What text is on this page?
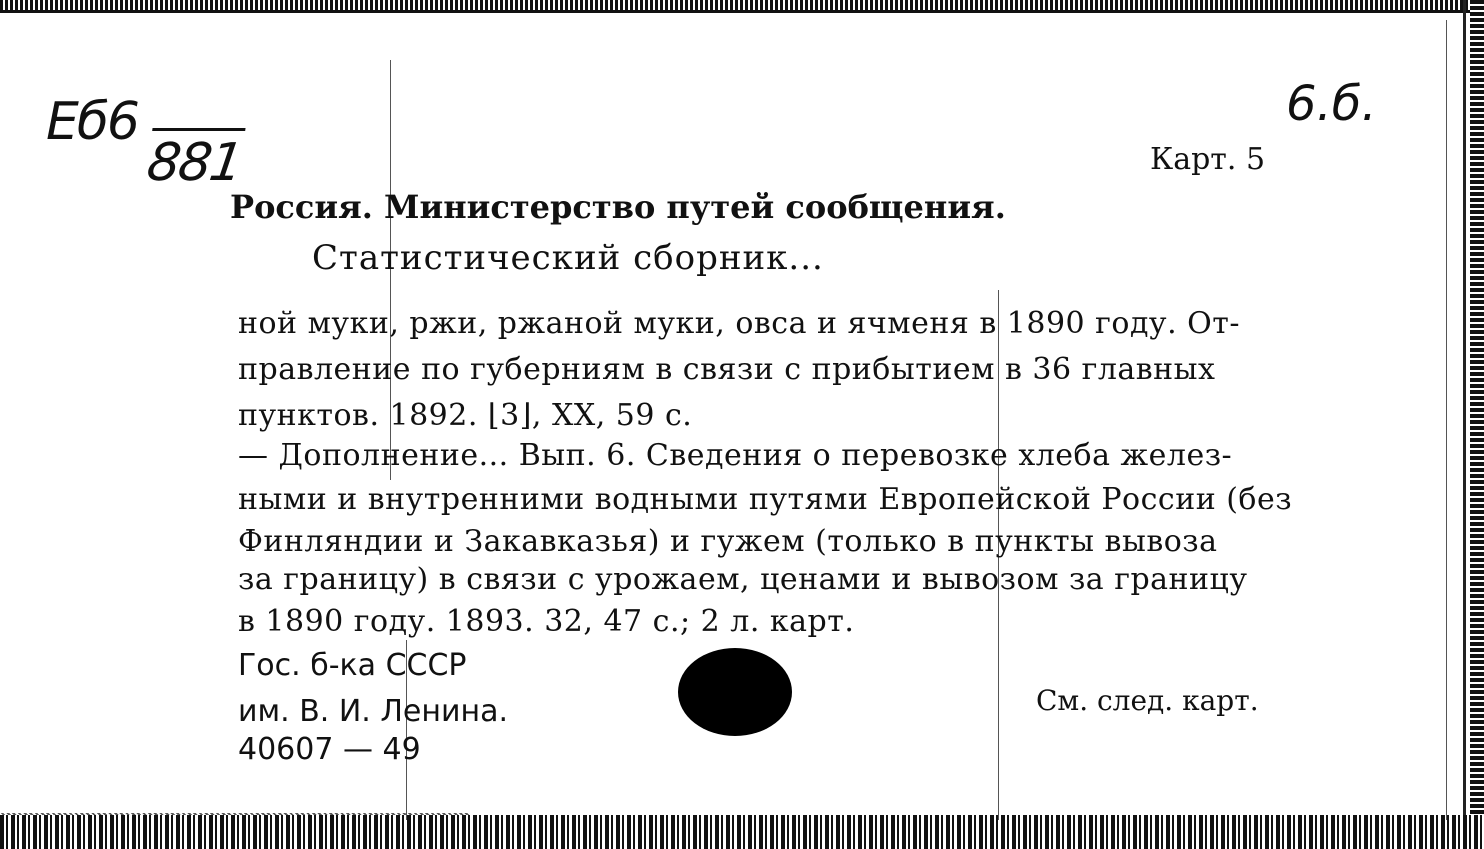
Еб6
881
6.б.
Карт. 5
Россия. Министерство путей сообщения.
Статистический сборник...
ной муки, ржи, ржаной муки, овса и ячменя в 1890 году. От-
правление по губерниям в связи с прибытием в 36 главных
пунктов. 1892. ⌊3⌋, XX, 59 с.
— Дополнение... Вып. 6. Сведения о перевозке хлеба желез-
ными и внутренними водными путями Европейской России (без
Финляндии и Закавказья) и гужем (только в пункты вывоза
за границу) в связи с урожаем, ценами и вывозом за границу
в 1890 году. 1893. 32, 47 с.; 2 л. карт.
Гос. б-ка СССР
им. В. И. Ленина.
40607 — 49
См. след. карт.
